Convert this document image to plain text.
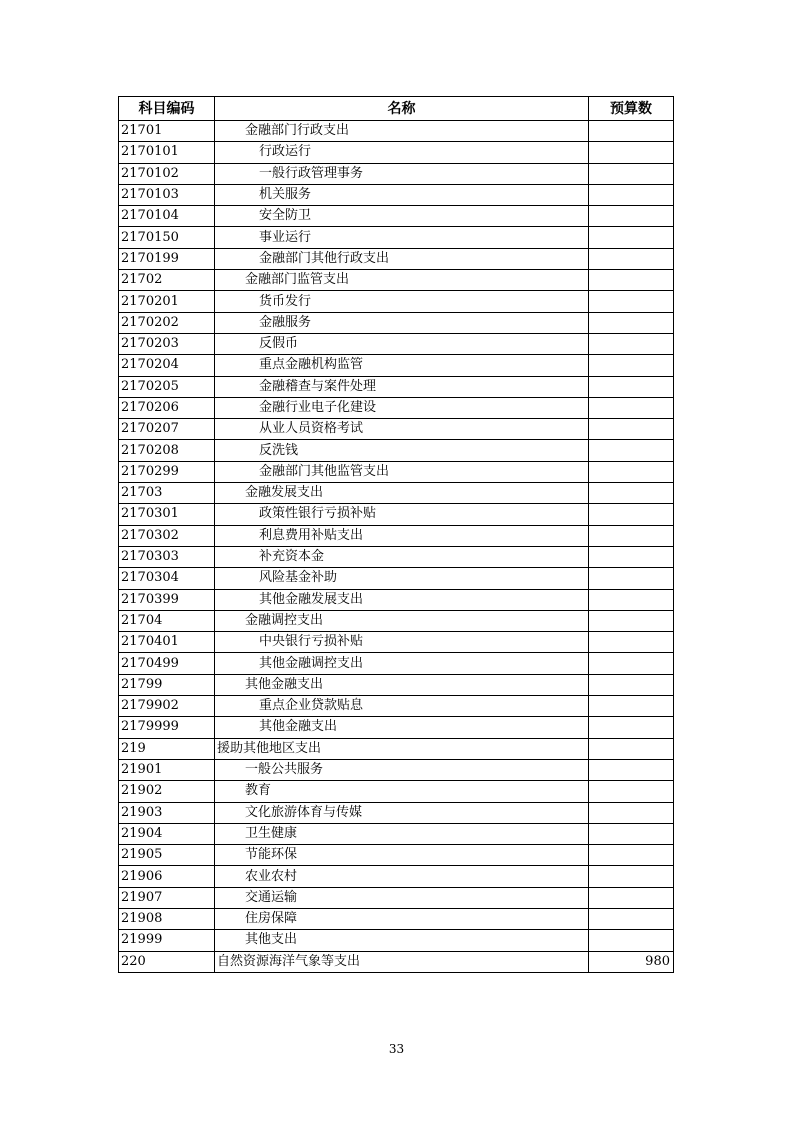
科目编码	名称	预算数
21701	金融部门行政支出	
2170101	行政运行	
2170102	一般行政管理事务	
2170103	机关服务	
2170104	安全防卫	
2170150	事业运行	
2170199	金融部门其他行政支出	
21702	金融部门监管支出	
2170201	货币发行	
2170202	金融服务	
2170203	反假币	
2170204	重点金融机构监管	
2170205	金融稽查与案件处理	
2170206	金融行业电子化建设	
2170207	从业人员资格考试	
2170208	反洗钱	
2170299	金融部门其他监管支出	
21703	金融发展支出	
2170301	政策性银行亏损补贴	
2170302	利息费用补贴支出	
2170303	补充资本金	
2170304	风险基金补助	
2170399	其他金融发展支出	
21704	金融调控支出	
2170401	中央银行亏损补贴	
2170499	其他金融调控支出	
21799	其他金融支出	
2179902	重点企业贷款贴息	
2179999	其他金融支出	
219	援助其他地区支出	
21901	一般公共服务	
21902	教育	
21903	文化旅游体育与传媒	
21904	卫生健康	
21905	节能环保	
21906	农业农村	
21907	交通运输	
21908	住房保障	
21999	其他支出	
220	自然资源海洋气象等支出	980
33
